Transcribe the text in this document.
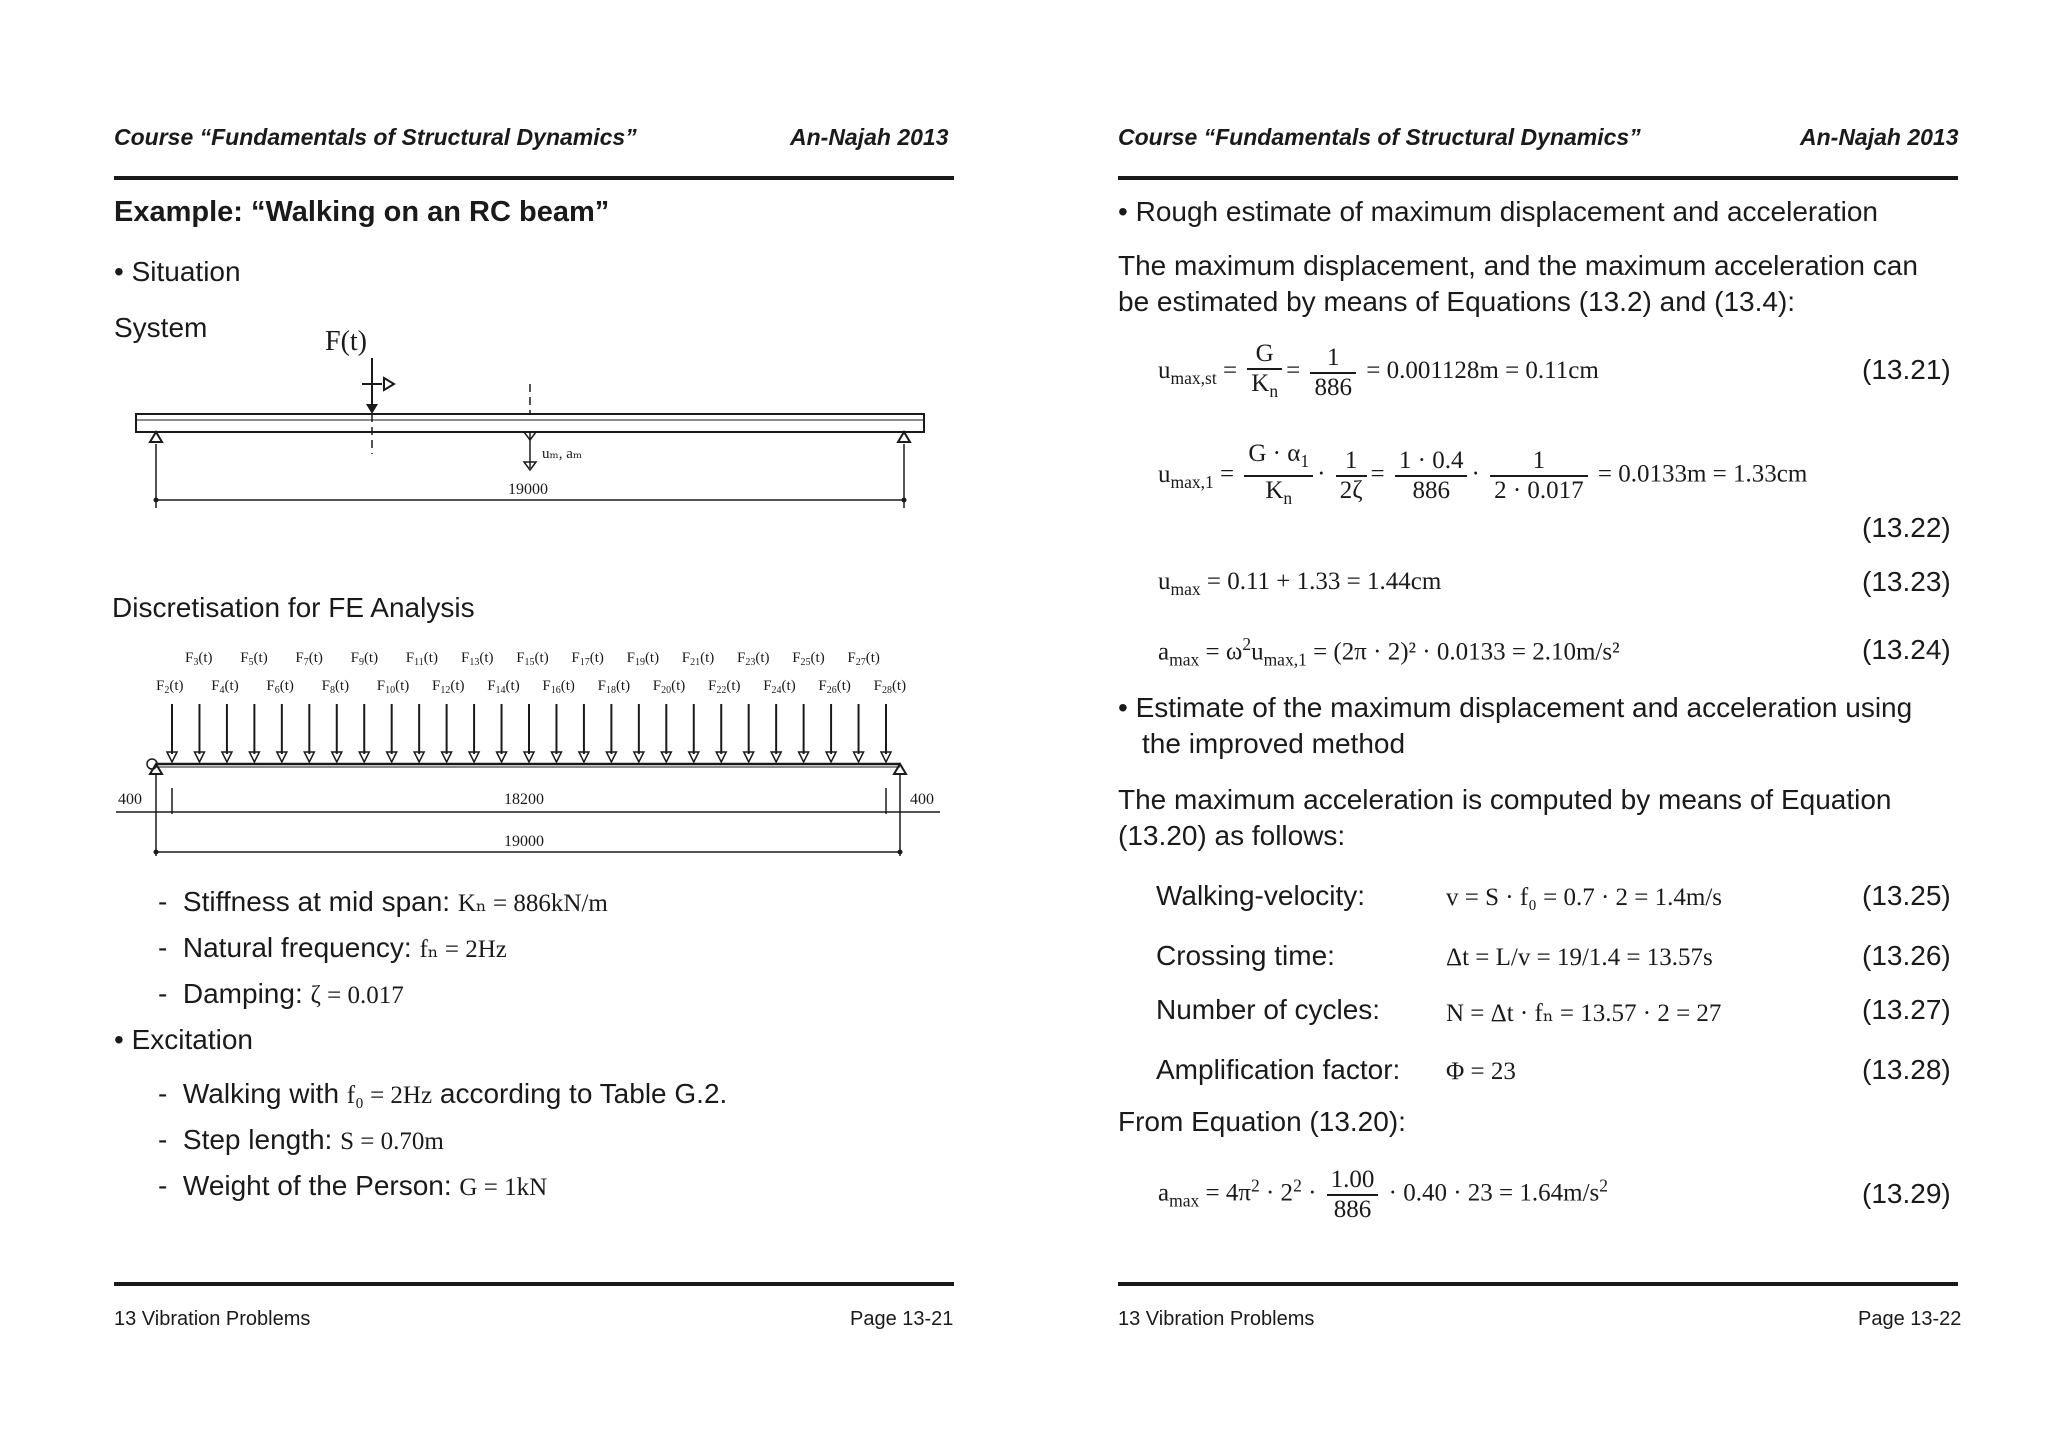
Course “Fundamentals of Structural Dynamics”	An-Najah 2013
Example: “Walking on an RC beam”
• Situation
System	F(t)
uₘ, aₘ
19000
Discretisation for FE Analysis
$F_3(t)$ $F_5(t)$ $F_7(t)$ $F_9(t)$ $F_{11}(t)$ $F_{13}(t)$ $F_{15}(t)$ $F_{17}(t)$ $F_{19}(t)$ $F_{21}(t)$ $F_{23}(t)$ $F_{25}(t)$ $F_{27}(t)$
$F_2(t)$ $F_4(t)$ $F_6(t)$ $F_8(t)$ $F_{10}(t)$ $F_{12}(t)$ $F_{14}(t)$ $F_{16}(t)$ $F_{18}(t)$ $F_{20}(t)$ $F_{22}(t)$ $F_{24}(t)$ $F_{26}(t)$ $F_{28}(t)$
400	18200	400
19000
-  Stiffness at mid span: Kₙ = 886kN/m
-  Natural frequency: fₙ = 2Hz
-  Damping: ζ = 0.017
• Excitation
-  Walking with f₀ = 2Hz according to Table G.2.
-  Step length: S = 0.70m
-  Weight of the Person: G = 1kN
13 Vibration Problems	Page 13-21
Course “Fundamentals of Structural Dynamics”	An-Najah 2013
• Rough estimate of maximum displacement and acceleration
The maximum displacement, and the maximum acceleration can
be estimated by means of Equations (13.2) and (13.4):
$u_{max,st} = \frac{G}{K_n} = \frac{1}{886} = 0.001128m = 0.11cm$	(13.21)
$u_{max,1} = \frac{G \cdot \alpha_1}{K_n} \cdot \frac{1}{2\zeta} = \frac{1 \cdot 0.4}{886} \cdot \frac{1}{2 \cdot 0.017} = 0.0133m = 1.33cm$
(13.22)
$u_{max} = 0.11 + 1.33 = 1.44cm$	(13.23)
$a_{max} = \omega^2u_{max,1} = (2\pi \cdot 2)^2 \cdot 0.0133 = 2.10m/s^2$	(13.24)
• Estimate of the maximum displacement and acceleration using
the improved method
The maximum acceleration is computed by means of Equation
(13.20) as follows:
Walking-velocity:	v = S · f₀ = 0.7 · 2 = 1.4m/s	(13.25)
Crossing time:	Δt = L/v = 19/1.4 = 13.57s	(13.26)
Number of cycles:	N = Δt · fₙ = 13.57 · 2 = 27	(13.27)
Amplification factor: Φ = 23	(13.28)
From Equation (13.20):
$a_{max} = 4\pi^2 \cdot 2^2 \cdot \frac{1.00}{886} \cdot 0.40 \cdot 23 = 1.64m/s^2$	(13.29)
13 Vibration Problems	Page 13-22
